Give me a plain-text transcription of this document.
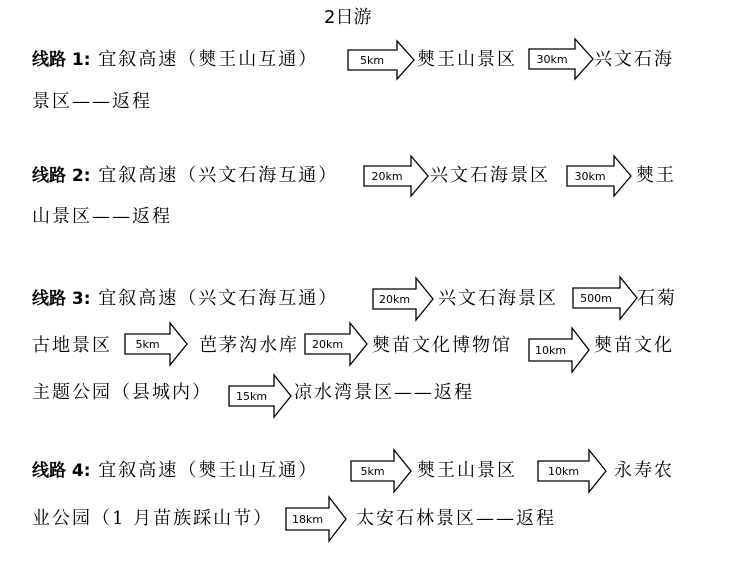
2日游
线路 1: 宜叙高速（僰王山互通）	5km	僰王山景区	30km	兴文石海
景区——返程
线路 2: 宜叙高速（兴文石海互通）	20km	兴文石海景区	30km	僰王
山景区——返程
线路 3: 宜叙高速（兴文石海互通）	20km	兴文石海景区	500m	石菊
古地景区	5km	芭茅沟水库	20km	僰苗文化博物馆	10km	僰苗文化
主题公园（县城内）	15km	凉水湾景区——返程
线路 4: 宜叙高速（僰王山互通）	5km	僰王山景区	10km	永寿农
业公园（1 月苗族踩山节）	18km	太安石林景区——返程
